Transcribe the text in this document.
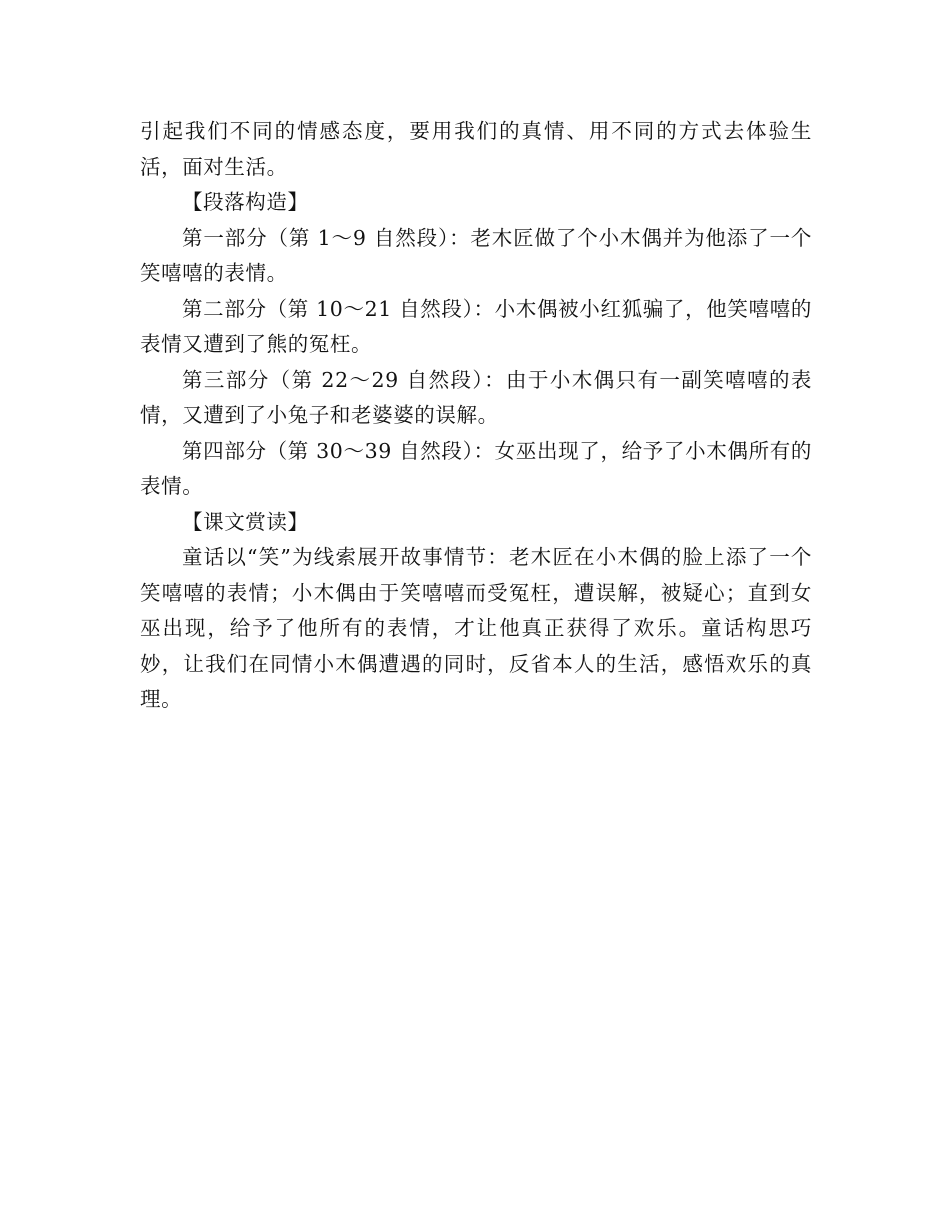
引起我们不同的情感态度，要用我们的真情、用不同的方式去体验生活，面对生活。

【段落构造】

第一部分（第 1～9 自然段）：老木匠做了个小木偶并为他添了一个笑嘻嘻的表情。

第二部分（第 10～21 自然段）：小木偶被小红狐骗了，他笑嘻嘻的表情又遭到了熊的冤枉。

第三部分（第 22～29 自然段）：由于小木偶只有一副笑嘻嘻的表情，又遭到了小兔子和老婆婆的误解。

第四部分（第 30～39 自然段）：女巫出现了，给予了小木偶所有的表情。

【课文赏读】

童话以“笑”为线索展开故事情节：老木匠在小木偶的脸上添了一个笑嘻嘻的表情；小木偶由于笑嘻嘻而受冤枉，遭误解，被疑心；直到女巫出现，给予了他所有的表情，才让他真正获得了欢乐。童话构思巧妙，让我们在同情小木偶遭遇的同时，反省本人的生活，感悟欢乐的真理。
